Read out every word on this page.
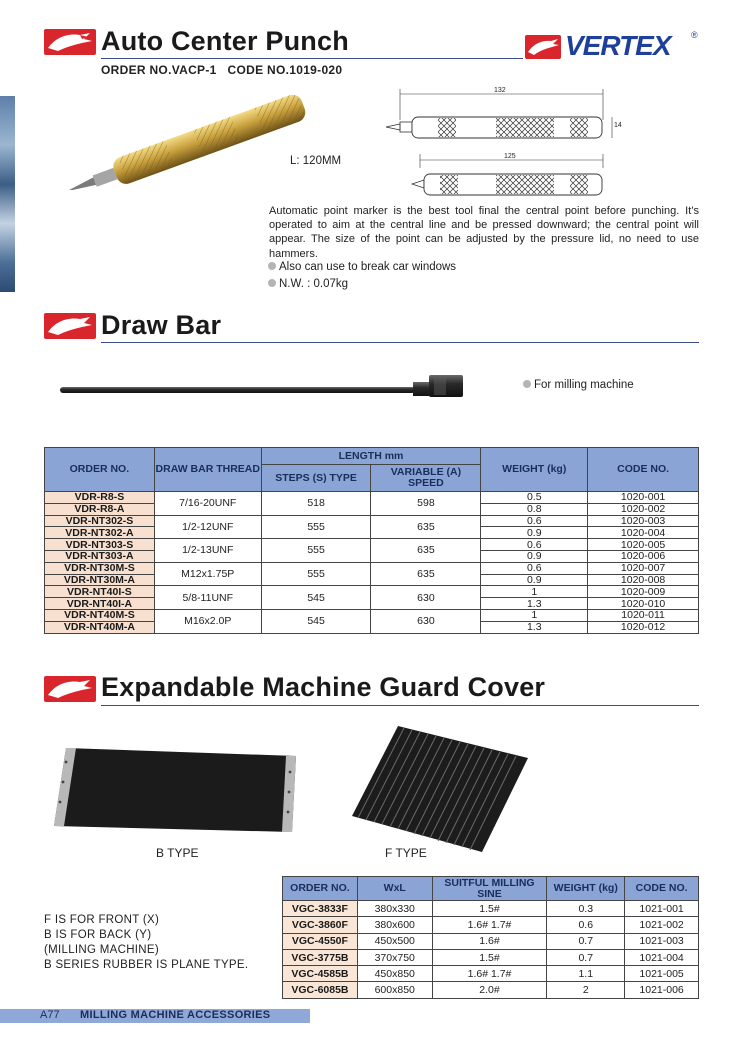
Auto Center Punch
ORDER NO.VACP-1   CODE NO.1019-020
VERTEX ®
L: 120MM
132
14
125
Automatic point marker is the best tool final the central point before punching. It’s operated to aim at the central line and be pressed downward; the central point will appear. The size of the point can be adjusted by the pressure lid, no need to use hammers.
Also can use to break car windows
N.W. : 0.07kg
Draw Bar
For milling machine
ORDER NO.	DRAW BAR THREAD	LENGTH mm		WEIGHT (kg)	CODE NO.
		STEPS (S) TYPE	VARIABLE (A) SPEED		
VDR-R8-S	7/16-20UNF	518	598	0.5	1020-001
VDR-R8-A				0.8	1020-002
VDR-NT302-S	1/2-12UNF	555	635	0.6	1020-003
VDR-NT302-A				0.9	1020-004
VDR-NT303-S	1/2-13UNF	555	635	0.6	1020-005
VDR-NT303-A				0.9	1020-006
VDR-NT30M-S	M12x1.75P	555	635	0.6	1020-007
VDR-NT30M-A				0.9	1020-008
VDR-NT40I-S	5/8-11UNF	545	630	1	1020-009
VDR-NT40I-A				1.3	1020-010
VDR-NT40M-S	M16x2.0P	545	630	1	1020-011
VDR-NT40M-A				1.3	1020-012
Expandable Machine Guard Cover
B TYPE	F TYPE
F IS FOR FRONT (X)
B IS FOR BACK (Y)
(MILLING MACHINE)
B SERIES RUBBER IS PLANE TYPE.
ORDER NO.	WxL	SUITFUL MILLING SINE	WEIGHT (kg)	CODE NO.
VGC-3833F	380x330	1.5#	0.3	1021-001
VGC-3860F	380x600	1.6# 1.7#	0.6	1021-002
VGC-4550F	450x500	1.6#	0.7	1021-003
VGC-3775B	370x750	1.5#	0.7	1021-004
VGC-4585B	450x850	1.6# 1.7#	1.1	1021-005
VGC-6085B	600x850	2.0#	2	1021-006
A77 MILLING MACHINE ACCESSORIES
